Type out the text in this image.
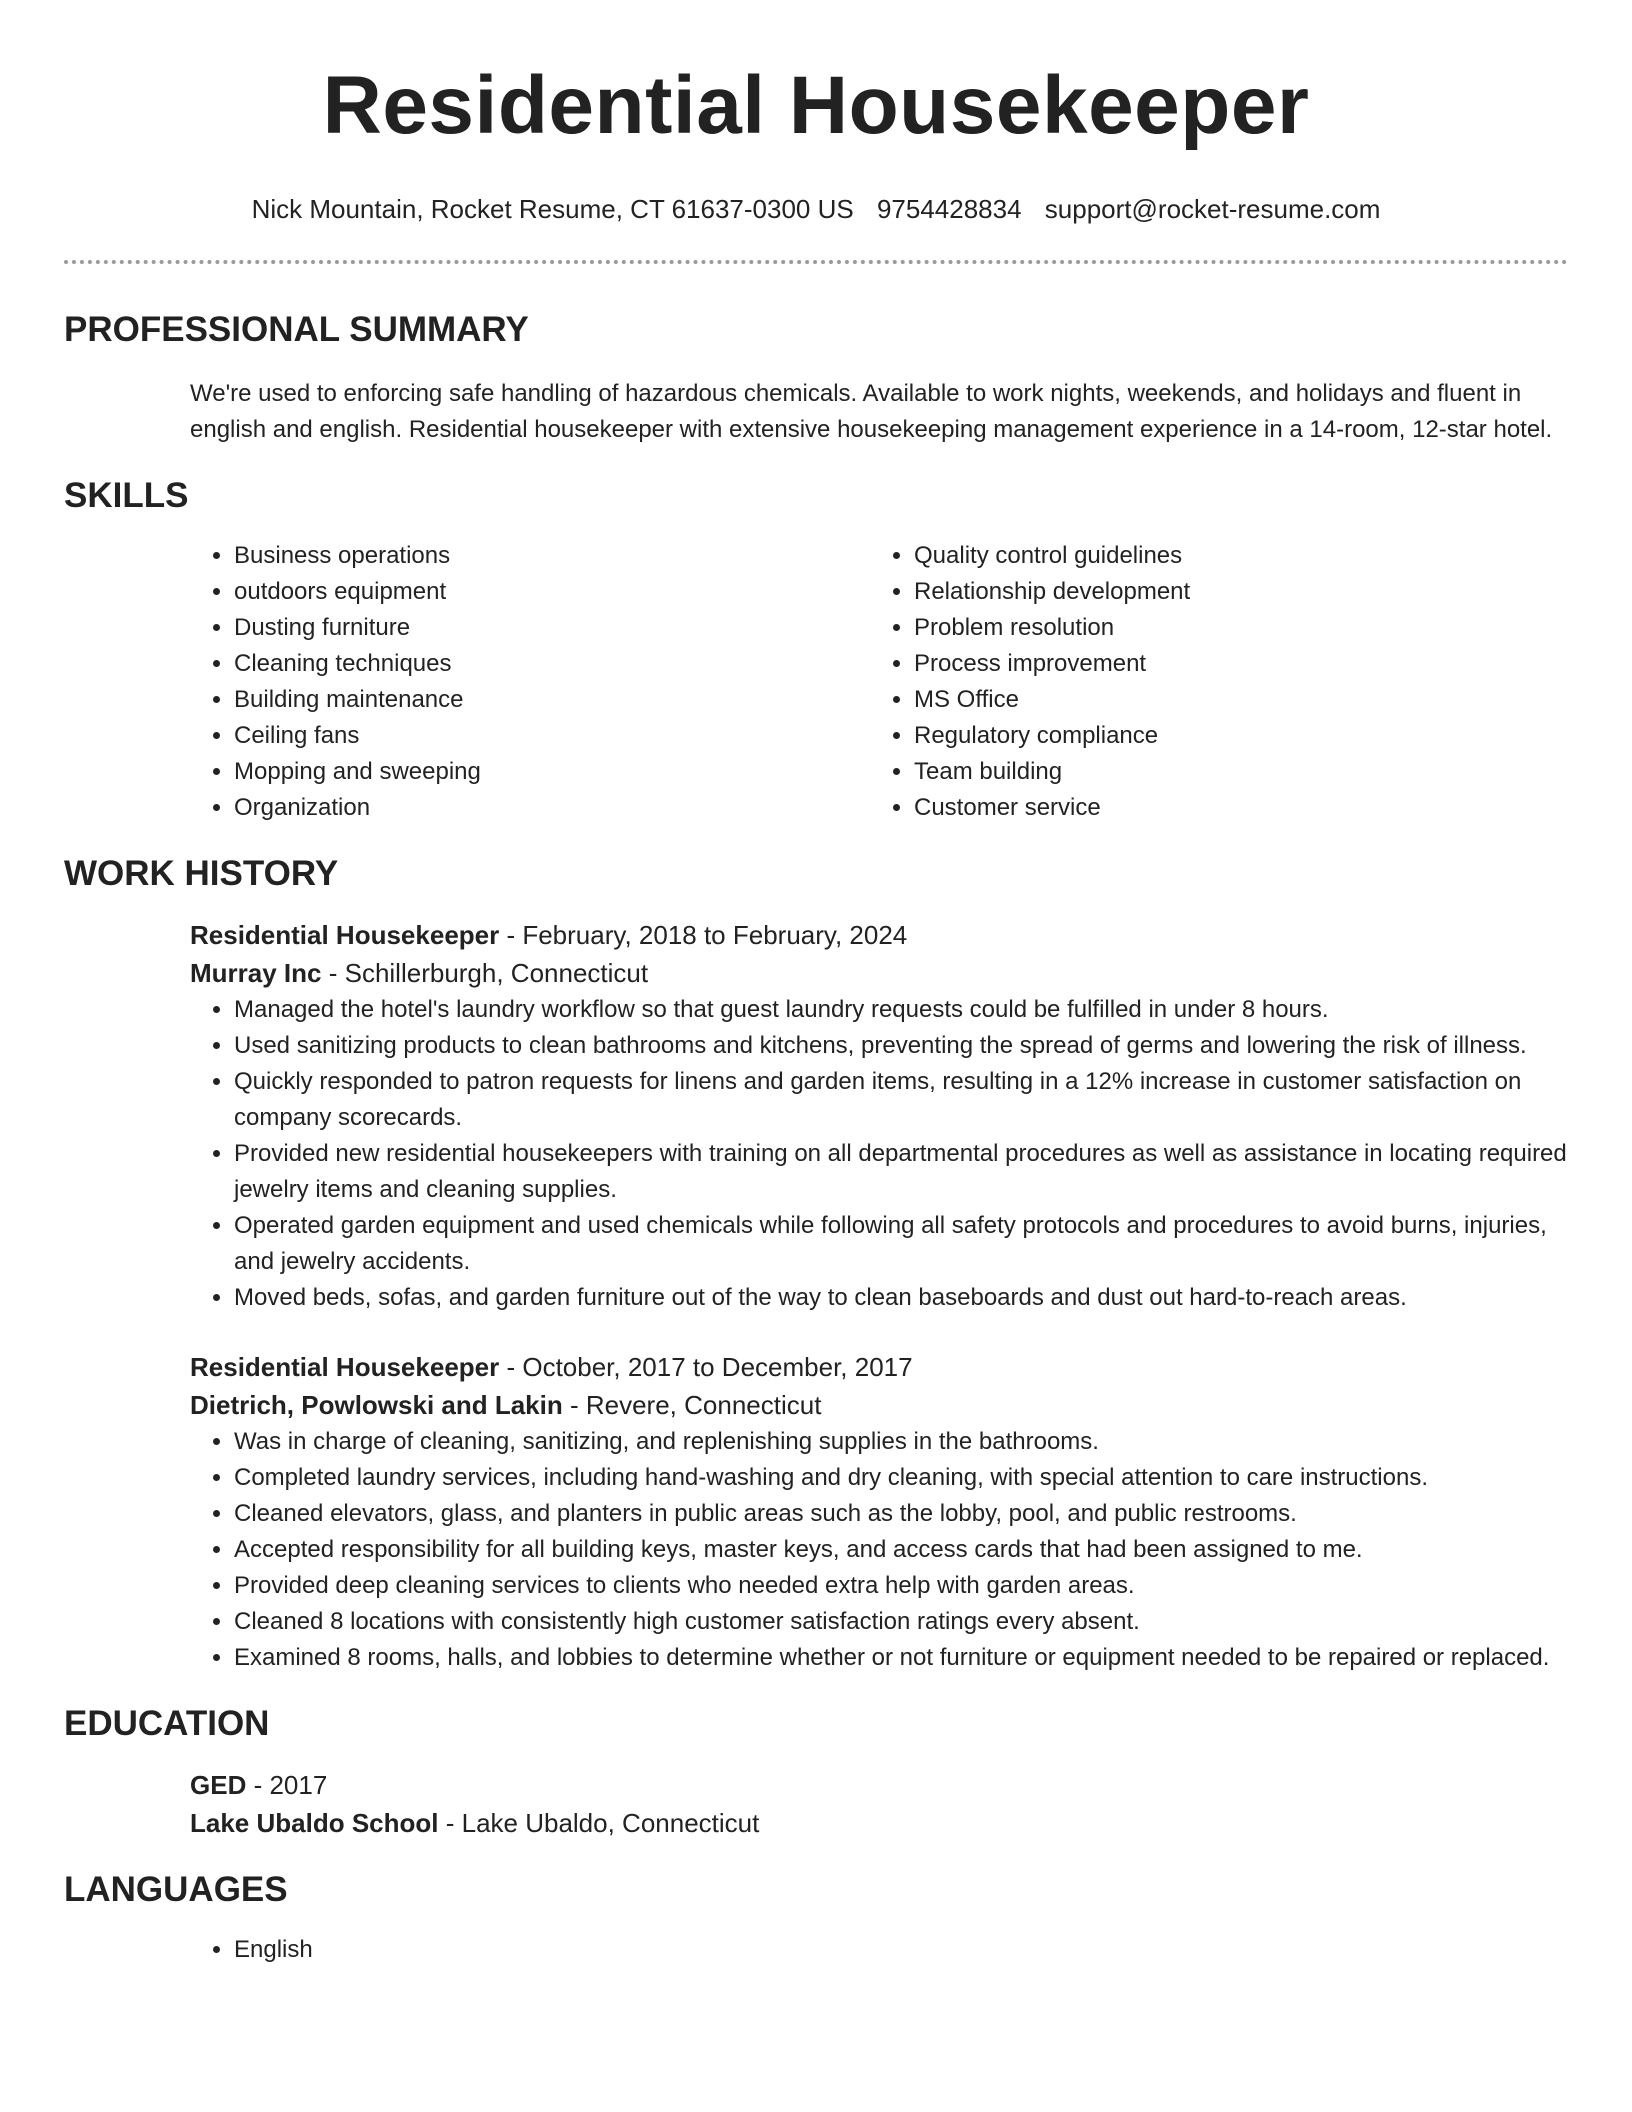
Residential Housekeeper
Nick Mountain, Rocket Resume, CT 61637-0300 US 9754428834 support@rocket-resume.com
PROFESSIONAL SUMMARY
We're used to enforcing safe handling of hazardous chemicals. Available to work nights, weekends, and holidays and fluent in english and english. Residential housekeeper with extensive housekeeping management experience in a 14-room, 12-star hotel.
SKILLS
• Business operations
• outdoors equipment
• Dusting furniture
• Cleaning techniques
• Building maintenance
• Ceiling fans
• Mopping and sweeping
• Organization
• Quality control guidelines
• Relationship development
• Problem resolution
• Process improvement
• MS Office
• Regulatory compliance
• Team building
• Customer service
WORK HISTORY
Residential Housekeeper - February, 2018 to February, 2024
Murray Inc - Schillerburgh, Connecticut
• Managed the hotel's laundry workflow so that guest laundry requests could be fulfilled in under 8 hours.
• Used sanitizing products to clean bathrooms and kitchens, preventing the spread of germs and lowering the risk of illness.
• Quickly responded to patron requests for linens and garden items, resulting in a 12% increase in customer satisfaction on company scorecards.
• Provided new residential housekeepers with training on all departmental procedures as well as assistance in locating required jewelry items and cleaning supplies.
• Operated garden equipment and used chemicals while following all safety protocols and procedures to avoid burns, injuries, and jewelry accidents.
• Moved beds, sofas, and garden furniture out of the way to clean baseboards and dust out hard-to-reach areas.
Residential Housekeeper - October, 2017 to December, 2017
Dietrich, Powlowski and Lakin - Revere, Connecticut
• Was in charge of cleaning, sanitizing, and replenishing supplies in the bathrooms.
• Completed laundry services, including hand-washing and dry cleaning, with special attention to care instructions.
• Cleaned elevators, glass, and planters in public areas such as the lobby, pool, and public restrooms.
• Accepted responsibility for all building keys, master keys, and access cards that had been assigned to me.
• Provided deep cleaning services to clients who needed extra help with garden areas.
• Cleaned 8 locations with consistently high customer satisfaction ratings every absent.
• Examined 8 rooms, halls, and lobbies to determine whether or not furniture or equipment needed to be repaired or replaced.
EDUCATION
GED - 2017
Lake Ubaldo School - Lake Ubaldo, Connecticut
LANGUAGES
• English
